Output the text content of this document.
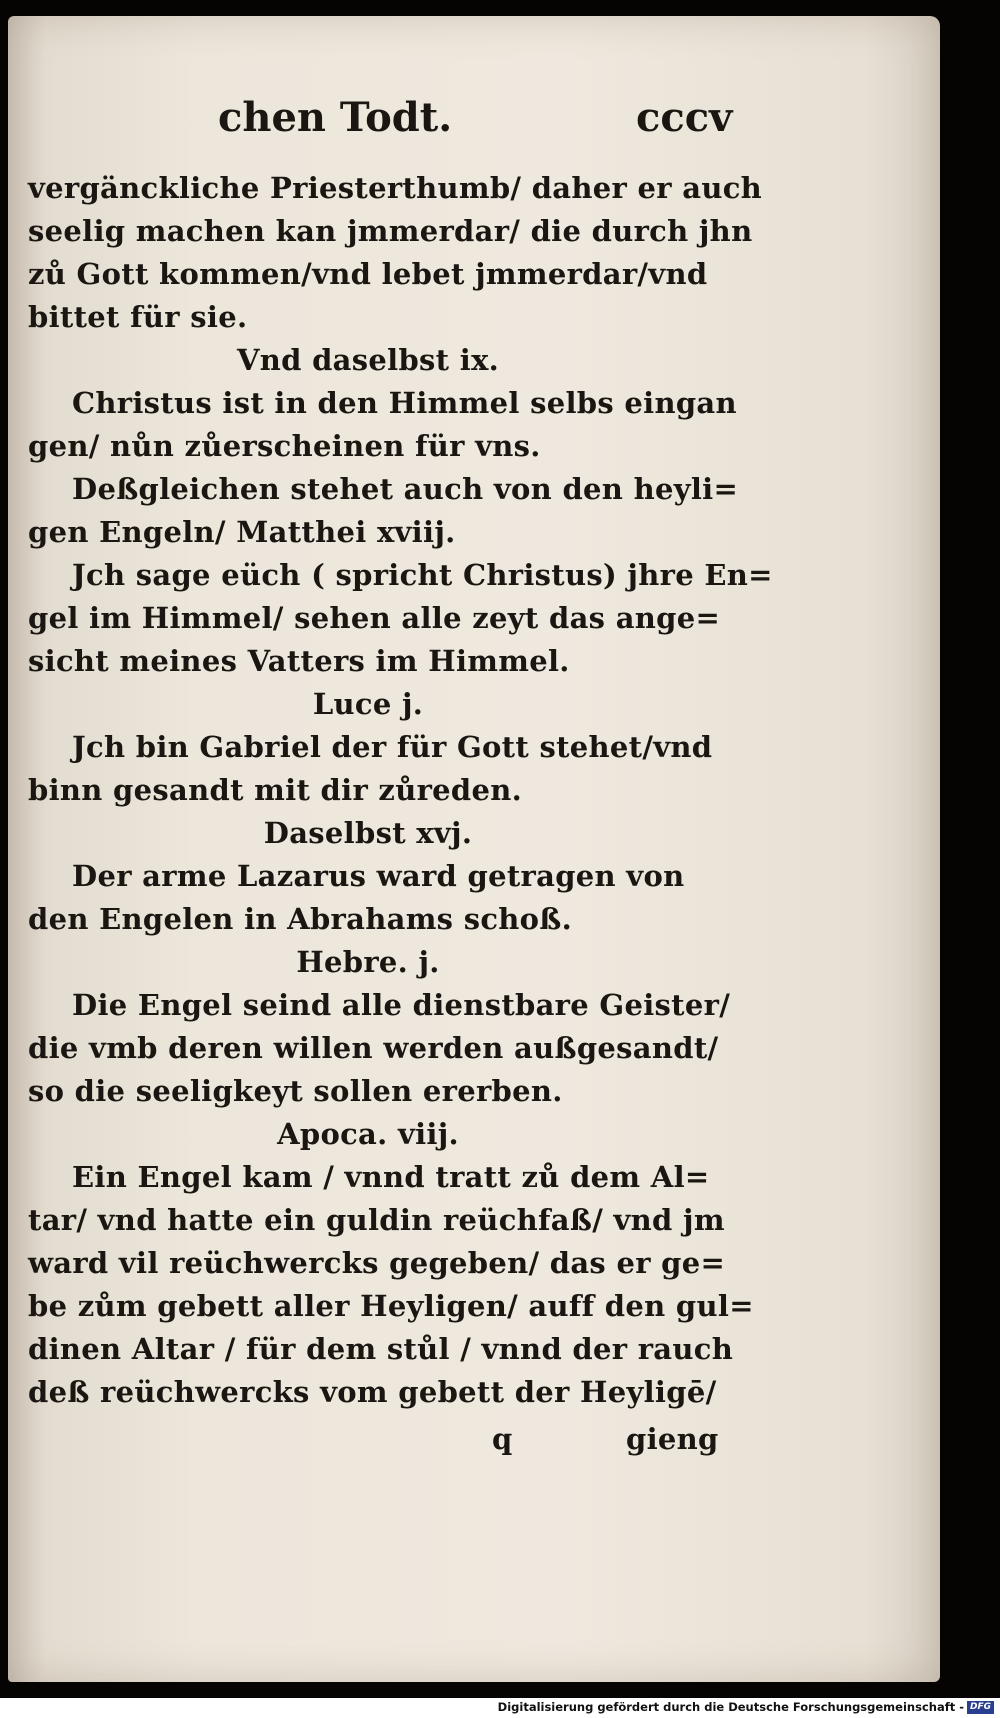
chen Todt.	cccv
vergänckliche Priesterthumb/ daher er auch
seelig machen kan jmmerdar/ die durch jhn
zů Gott kommen/vnd lebet jmmerdar/vnd
bittet für sie.
Vnd daselbst ix.
Christus ist in den Himmel selbs eingan
gen/ nůn zůerscheinen für vns.
Deßgleichen stehet auch von den heyli=
gen Engeln/ Matthei xviij.
Jch sage eüch ( spricht Christus) jhre En=
gel im Himmel/ sehen alle zeyt das ange=
sicht meines Vatters im Himmel.
Luce j.
Jch bin Gabriel der für Gott stehet/vnd
binn gesandt mit dir zůreden.
Daselbst xvj.
Der arme Lazarus ward getragen von
den Engelen in Abrahams schoß.
Hebre. j.
Die Engel seind alle dienstbare Geister/
die vmb deren willen werden außgesandt/
so die seeligkeyt sollen ererben.
Apoca. viij.
Ein Engel kam / vnnd tratt zů dem Al=
tar/ vnd hatte ein guldin reüchfaß/ vnd jm
ward vil reüchwercks gegeben/ das er ge=
be zům gebett aller Heyligen/ auff den gul=
dinen Altar / für dem stůl / vnnd der rauch
deß reüchwercks vom gebett der Heyligē/
q	gieng
Digitalisierung gefördert durch die Deutsche Forschungsgemeinschaft - DFG
